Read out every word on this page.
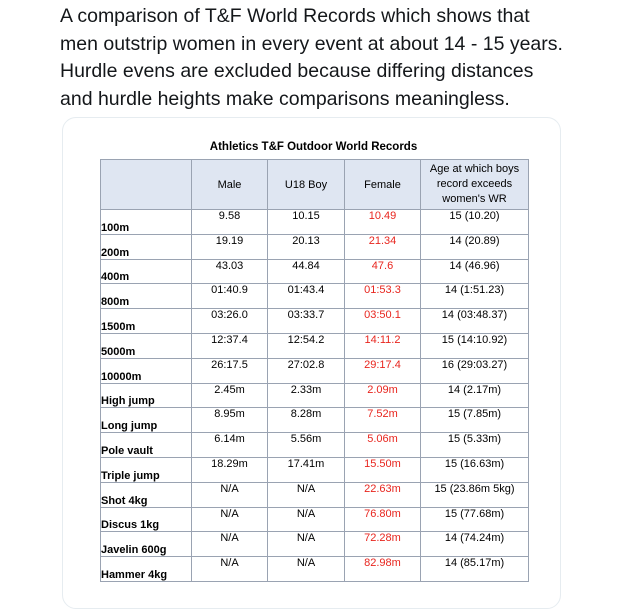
A comparison of T&F World Records which shows that men outstrip women in every event at about 14 - 15 years. Hurdle evens are excluded because differing distances and hurdle heights make comparisons meaningless.

Athletics T&F Outdoor World Records
	Male	U18 Boy	Female	Age at which boys record exceeds women's WR
100m	9.58	10.15	10.49	15 (10.20)
200m	19.19	20.13	21.34	14 (20.89)
400m	43.03	44.84	47.6	14 (46.96)
800m	01:40.9	01:43.4	01:53.3	14 (1:51.23)
1500m	03:26.0	03:33.7	03:50.1	14 (03:48.37)
5000m	12:37.4	12:54.2	14:11.2	15 (14:10.92)
10000m	26:17.5	27:02.8	29:17.4	16 (29:03.27)
High jump	2.45m	2.33m	2.09m	14 (2.17m)
Long jump	8.95m	8.28m	7.52m	15 (7.85m)
Pole vault	6.14m	5.56m	5.06m	15 (5.33m)
Triple jump	18.29m	17.41m	15.50m	15 (16.63m)
Shot 4kg	N/A	N/A	22.63m	15 (23.86m 5kg)
Discus 1kg	N/A	N/A	76.80m	15 (77.68m)
Javelin 600g	N/A	N/A	72.28m	14 (74.24m)
Hammer 4kg	N/A	N/A	82.98m	14 (85.17m)
